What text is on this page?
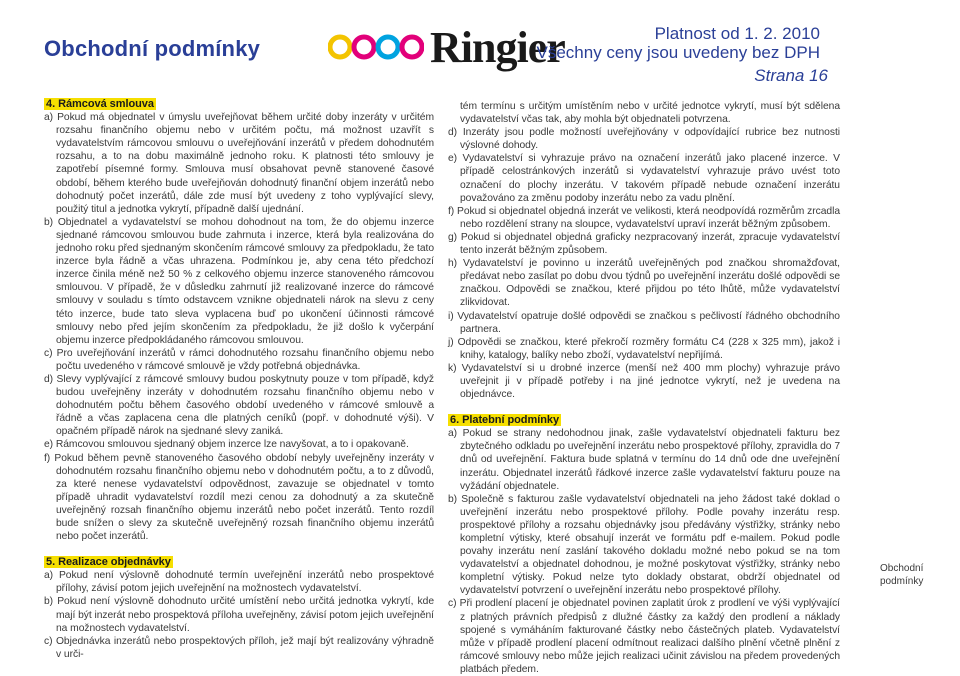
Obchodní podmínky	Ringier	Platnost od 1. 2. 2010
Všechny ceny jsou uvedeny bez DPH
Strana 16
4. Rámcová smlouva

a) Pokud má objednatel v úmyslu uveřejňovat během určité doby inzeráty v určitém rozsahu finančního objemu nebo v určitém počtu, má možnost uzavřít s vydavatelstvím rámcovou smlouvu o uveřejňování inzerátů v předem dohodnutém rozsahu, a to na dobu maximálně jednoho roku. K platnosti této smlouvy je zapotřebí písemné formy. Smlouva musí obsahovat pevně stanovené časové období, během kterého bude uveřejňován dohodnutý finanční objem inzerátů nebo dohodnutý počet inzerátů, dále zde musí být uvedeny z toho vyplývající slevy, použitý titul a jednotka vykrytí, případně další ujednání.

b) Objednatel a vydavatelství se mohou dohodnout na tom, že do objemu inzerce sjednané rámcovou smlouvou bude zahrnuta i inzerce, která byla realizována do jednoho roku před sjednaným skončením rámcové smlouvy za předpokladu, že tato inzerce byla řádně a včas uhrazena. Podmínkou je, aby cena této předchozí inzerce činila méně než 50 % z celkového objemu inzerce stanoveného rámcovou smlouvou. V případě, že v důsledku zahrnutí již realizované inzerce do rámcové smlouvy v souladu s tímto odstavcem vznikne objednateli nárok na slevu z ceny této inzerce, bude tato sleva vyplacena buď po ukončení účinnosti rámcové smlouvy nebo před jejím skončením za předpokladu, že již došlo k vyčerpání objemu inzerce předpokládaného rámcovou smlouvou.

c) Pro uveřejňování inzerátů v rámci dohodnutého rozsahu finančního objemu nebo počtu uvedeného v rámcové smlouvě je vždy potřebná objednávka.

d) Slevy vyplývající z rámcové smlouvy budou poskytnuty pouze v tom případě, když budou uveřejněny inzeráty v dohodnutém rozsahu finančního objemu nebo v dohodnutém počtu během časového období uvedeného v rámcové smlouvě a řádně a včas zaplacena cena dle platných ceníků (popř. v dohodnuté výši). V opačném případě nárok na sjednané slevy zaniká.

e) Rámcovou smlouvou sjednaný objem inzerce lze navyšovat, a to i opakovaně.

f) Pokud během pevně stanoveného časového období nebyly uveřejněny inzeráty v dohodnutém rozsahu finančního objemu nebo v dohodnutém počtu, a to z důvodů, za které nenese vydavatelství odpovědnost, zavazuje se objednatel v tomto případě uhradit vydavatelství rozdíl mezi cenou za dohodnutý a za skutečně uveřejněný rozsah finančního objemu inzerátů nebo počet inzerátů. Tento rozdíl bude snížen o slevy za skutečně uveřejněný rozsah finančního objemu inzerátů nebo počet inzerátů.

5. Realizace objednávky

a) Pokud není výslovně dohodnuté termín uveřejnění inzerátů nebo prospektové přílohy, závisí potom jejich uveřejnění na možnostech vydavatelství.

b) Pokud není výslovně dohodnuto určité umístění nebo určitá jednotka vykrytí, kde mají být inzerát nebo prospektová příloha uveřejněny, závisí potom jejich uveřejnění na možnostech vydavatelství.

c) Objednávka inzerátů nebo prospektových příloh, jež mají být realizovány výhradně v urči-

tém termínu s určitým umístěním nebo v určité jednotce vykrytí, musí být sdělena vydavatelství včas tak, aby mohla být objednateli potvrzena.

d) Inzeráty jsou podle možností uveřejňovány v odpovídající rubrice bez nutnosti výslovné dohody.

e) Vydavatelství si vyhrazuje právo na označení inzerátů jako placené inzerce. V případě celostránkových inzerátů si vydavatelství vyhrazuje právo uvést toto označení do plochy inzerátu. V takovém případě nebude označení inzerátu považováno za změnu podoby inzerátu nebo za vadu plnění.

f) Pokud si objednatel objedná inzerát ve velikosti, která neodpovídá rozměrům zrcadla nebo rozdělení strany na sloupce, vydavatelství upraví inzerát běžným způsobem.

g) Pokud si objednatel objedná graficky nezpracovaný inzerát, zpracuje vydavatelství tento inzerát běžným způsobem.

h) Vydavatelství je povinno u inzerátů uveřejněných pod značkou shromažďovat, předávat nebo zasílat po dobu dvou týdnů po uveřejnění inzerátu došlé odpovědi se značkou. Odpovědi se značkou, které přijdou po této lhůtě, může vydavatelství zlikvidovat.

i) Vydavatelství opatruje došlé odpovědi se značkou s pečlivostí řádného obchodního partnera.

j) Odpovědi se značkou, které překročí rozměry formátu C4 (228 x 325 mm), jakož i knihy, katalogy, balíky nebo zboží, vydavatelství nepřijímá.

k) Vydavatelství si u drobné inzerce (menší než 400 mm plochy) vyhrazuje právo uveřejnit ji v případě potřeby i na jiné jednotce vykrytí, než je uvedena na objednávce.

6. Platební podmínky

a) Pokud se strany nedohodnou jinak, zašle vydavatelství objednateli fakturu bez zbytečného odkladu po uveřejnění inzerátu nebo prospektové přílohy, zpravidla do 7 dnů od uveřejnění. Faktura bude splatná v termínu do 14 dnů ode dne uveřejnění inzerátu. Objednatel inzerátů řádkové inzerce zašle vydavatelství fakturu pouze na vyžádání objednatele.

b) Společně s fakturou zašle vydavatelství objednateli na jeho žádost také doklad o uveřejnění inzerátu nebo prospektové přílohy. Podle povahy inzerátu resp. prospektové přílohy a rozsahu objednávky jsou předávány výstřižky, stránky nebo kompletní výtisky, které obsahují inzerát ve formátu pdf e-mailem. Pokud podle povahy inzerátu není zaslání takového dokladu možné nebo pokud se na tom vydavatelství a objednatel dohodnou, je možné poskytovat výstřižky, stránky nebo kompletní výtisky. Pokud nelze tyto doklady obstarat, obdrží objednatel od vydavatelství potvrzení o uveřejnění inzerátu nebo prospektové přílohy.

c) Při prodlení placení je objednatel povinen zaplatit úrok z prodlení ve výši vyplývající z platných právních předpisů z dlužné částky za každý den prodlení a náklady spojené s vymáháním fakturované částky nebo částečných plateb. Vydavatelství může v případě prodlení placení odmítnout realizaci dalšího plnění včetně plnění z rámcové smlouvy nebo může jejich realizaci učinit závislou na předem provedených platbách předem.

Obchodní podmínky
